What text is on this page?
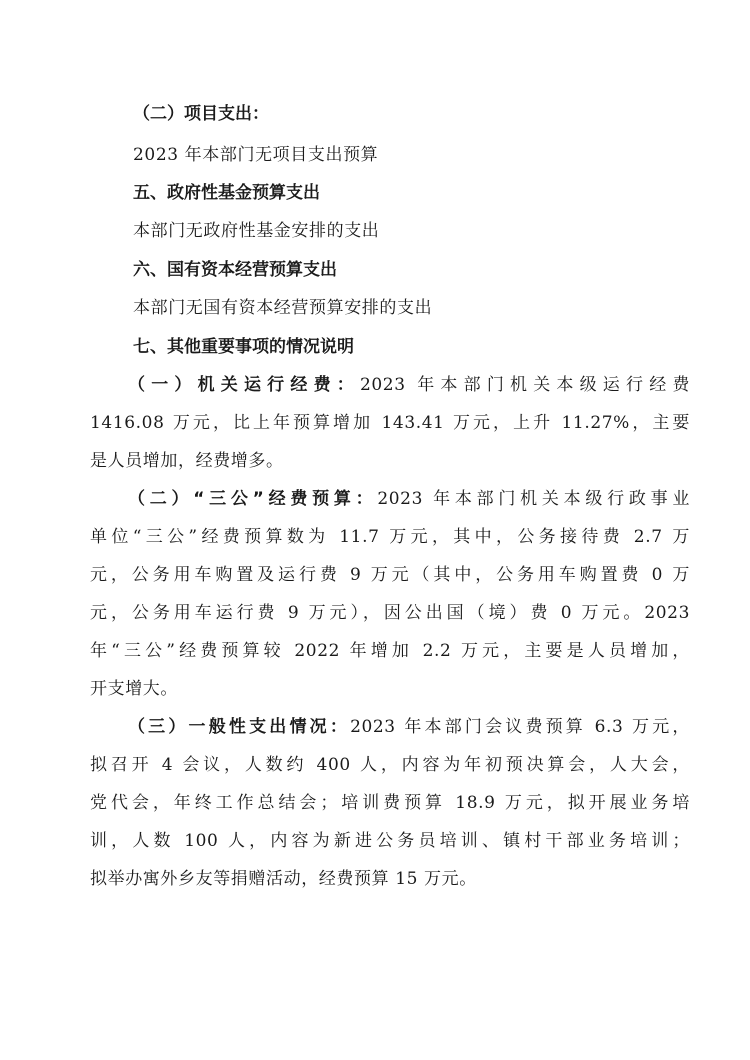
（二）项目支出：
2023 年本部门无项目支出预算
五、政府性基金预算支出
本部门无政府性基金安排的支出
六、国有资本经营预算支出
本部门无国有资本经营预算安排的支出
七、其他重要事项的情况说明
（一）机关运行经费：2023 年本部门机关本级运行经费
1416.08 万元，比上年预算增加 143.41 万元，上升 11.27%，主要
是人员增加，经费增多。
（二）“三公”经费预算：2023 年本部门机关本级行政事业
单位“三公”经费预算数为 11.7 万元，其中，公务接待费 2.7 万
元，公务用车购置及运行费 9 万元（其中，公务用车购置费 0 万
元，公务用车运行费 9 万元），因公出国（境）费 0 万元。2023
年“三公”经费预算较 2022 年增加 2.2 万元，主要是人员增加，
开支增大。
（三）一般性支出情况：2023 年本部门会议费预算 6.3 万元，
拟召开 4 会议，人数约 400 人，内容为年初预决算会，人大会，
党代会，年终工作总结会；培训费预算 18.9 万元，拟开展业务培
训，人数 100 人，内容为新进公务员培训、镇村干部业务培训；
拟举办寓外乡友等捐赠活动，经费预算 15 万元。
